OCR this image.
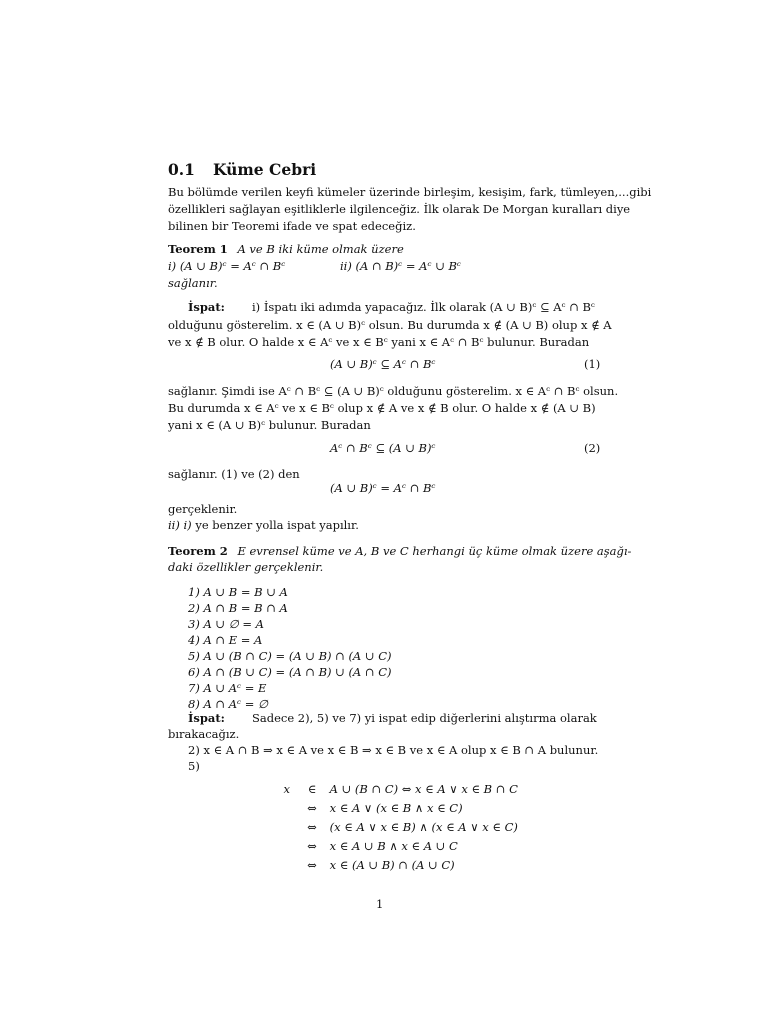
0.1 Küme Cebri
Bu bölümde verilen keyfi kümeler üzerinde birleşim, kesişim, fark, tümleyen,...gibi
özellikleri sağlayan eşitliklerle ilgilenceğiz. İlk olarak De Morgan kuralları diye
bilinen bir Teoremi ifade ve spat edeceğiz.
Teorem 1 A ve B iki küme olmak üzere
i) (A ∪ B)ᶜ = Aᶜ ∩ Bᶜ	ii) (A ∩ B)ᶜ = Aᶜ ∪ Bᶜ
sağlanır.
İspat: i) İspatı iki adımda yapacağız. İlk olarak (A ∪ B)ᶜ ⊆ Aᶜ ∩ Bᶜ
olduğunu gösterelim. x ∈ (A ∪ B)ᶜ olsun. Bu durumda x ∉ (A ∪ B) olup x ∉ A
ve x ∉ B olur. O halde x ∈ Aᶜ ve x ∈ Bᶜ yani x ∈ Aᶜ ∩ Bᶜ bulunur. Buradan
(A ∪ B)ᶜ ⊆ Aᶜ ∩ Bᶜ	(1)
sağlanır. Şimdi ise Aᶜ ∩ Bᶜ ⊆ (A ∪ B)ᶜ olduğunu gösterelim. x ∈ Aᶜ ∩ Bᶜ olsun.
Bu durumda x ∈ Aᶜ ve x ∈ Bᶜ olup x ∉ A ve x ∉ B olur. O halde x ∉ (A ∪ B)
yani x ∈ (A ∪ B)ᶜ bulunur. Buradan
Aᶜ ∩ Bᶜ ⊆ (A ∪ B)ᶜ	(2)
sağlanır. (1) ve (2) den
(A ∪ B)ᶜ = Aᶜ ∩ Bᶜ
gerçeklenir.
ii) i) ye benzer yolla ispat yapılır.
Teorem 2 E evrensel küme ve A, B ve C herhangi üç küme olmak üzere aşağı-
daki özellikler gerçeklenir.
1) A ∪ B = B ∪ A
2) A ∩ B = B ∩ A
3) A ∪ ∅ = A
4) A ∩ E = A
5) A ∪ (B ∩ C) = (A ∪ B) ∩ (A ∪ C)
6) A ∩ (B ∪ C) = (A ∩ B) ∪ (A ∩ C)
7) A ∪ Aᶜ = E
8) A ∩ Aᶜ = ∅
İspat: Sadece 2), 5) ve 7) yi ispat edip diğerlerini alıştırma olarak
bırakacağız.
2) x ∈ A ∩ B ⇒ x ∈ A ve x ∈ B ⇒ x ∈ B ve x ∈ A olup x ∈ B ∩ A bulunur.
5)
x ∈ A ∪ (B ∩ C) ⇔ x ∈ A ∨ x ∈ B ∩ C
⇔ x ∈ A ∨ (x ∈ B ∧ x ∈ C)
⇔ (x ∈ A ∨ x ∈ B) ∧ (x ∈ A ∨ x ∈ C)
⇔ x ∈ A ∪ B ∧ x ∈ A ∪ C
⇔ x ∈ (A ∪ B) ∩ (A ∪ C)
1
